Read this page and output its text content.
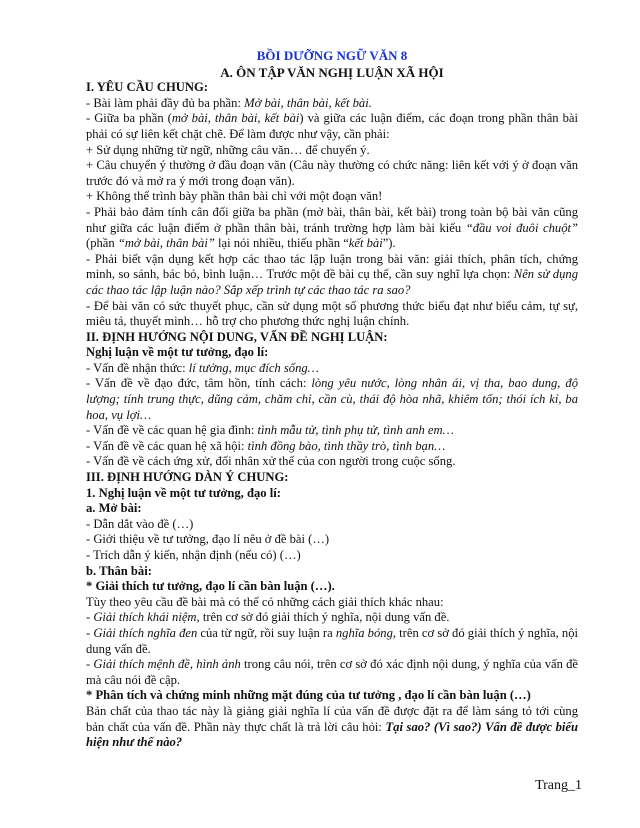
BỒI DƯỠNG NGỮ VĂN 8

A. ÔN TẬP VĂN NGHỊ LUẬN XÃ HỘI

I. YÊU CẦU CHUNG:

- Bài làm phải đầy đủ ba phần: Mở bài, thân bài, kết bài.

- Giữa ba phần (mở bài, thân bài, kết bài) và giữa các luận điểm, các đoạn trong phần thân bài phải có sự liên kết chặt chẽ. Để làm được như vậy, cần phải:

+ Sử dụng những từ ngữ, những câu văn… để chuyển ý.

+ Câu chuyển ý thường ở đầu đoạn văn (Câu này thường có chức năng: liên kết với ý ở đoạn văn trước đó và mở ra ý mới trong đoạn văn).

+ Không thể trình bày phần thân bài chỉ với một đoạn văn!

- Phải bảo đảm tính cân đối giữa ba phần (mở bài, thân bài, kết bài) trong toàn bộ bài văn cũng như giữa các luận điểm ở phần thân bài, tránh trường hợp làm bài kiểu “đầu voi đuôi chuột” (phần “mở bài, thân bài” lại nói nhiều, thiếu phần “kết bài”).

- Phải biết vận dụng kết hợp các thao tác lập luận trong bài văn: giải thích, phân tích, chứng minh, so sánh, bác bỏ, bình luận… Trước một đề bài cụ thể, cần suy nghĩ lựa chọn: Nên sử dụng các thao tác lập luận nào? Sắp xếp trình tự các thao tác ra sao?

- Để bài văn có sức thuyết phục, cần sử dụng một số phương thức biểu đạt như biểu cảm, tự sự, miêu tả, thuyết minh… hỗ trợ cho phương thức nghị luận chính.

II. ĐỊNH HƯỚNG NỘI DUNG, VẤN ĐỀ NGHỊ LUẬN:

Nghị luận về một tư tưởng, đạo lí:

- Vấn đề nhận thức: lí tưởng, mục đích sống…

- Vấn đề về đạo đức, tâm hồn, tính cách: lòng yêu nước, lòng nhân ái, vị tha, bao dung, độ lượng; tính trung thực, dũng cảm, chăm chỉ, cần cù, thái độ hòa nhã, khiêm tốn; thói ích kỉ, ba hoa, vụ lợi…

- Vấn đề về các quan hệ gia đình: tình mẫu tử, tình phụ tử, tình anh em…

- Vấn đề về các quan hệ xã hội: tình đồng bào, tình thầy trò, tình bạn…

- Vấn đề về cách ứng xử, đối nhân xử thế của con người trong cuộc sống.

III. ĐỊNH HƯỚNG DÀN Ý CHUNG:

1. Nghị luận về một tư tưởng, đạo lí:

a. Mở bài:

- Dẫn dắt vào đề (…)

- Giới thiệu về tư tưởng, đạo lí nêu ở đề bài (…)

- Trích dẫn ý kiến, nhận định (nếu có) (…)

b. Thân bài:

* Giải thích tư tưởng, đạo lí cần bàn luận (…).

Tùy theo yêu cầu đề bài mà có thể có những cách giải thích khác nhau:

- Giải thích khái niệm, trên cơ sở đó giải thích ý nghĩa, nội dung vấn đề.

- Giải thích nghĩa đen của từ ngữ, rồi suy luận ra nghĩa bóng, trên cơ sở đó giải thích ý nghĩa, nội dung vấn đề.

- Giải thích mệnh đề, hình ảnh trong câu nói, trên cơ sở đó xác định nội dung, ý nghĩa của vấn đề mà câu nói đề cập.

* Phân tích và chứng minh những mặt đúng của tư tưởng , đạo lí cần bàn luận (…)

Bản chất của thao tác này là giảng giải nghĩa lí của vấn đề được đặt ra để làm sáng tỏ tới cùng bản chất của vấn đề. Phần này thực chất là trả lời câu hỏi: Tại sao? (Vì sao?) Vấn đề được biểu hiện như thế nào?

Trang_1
